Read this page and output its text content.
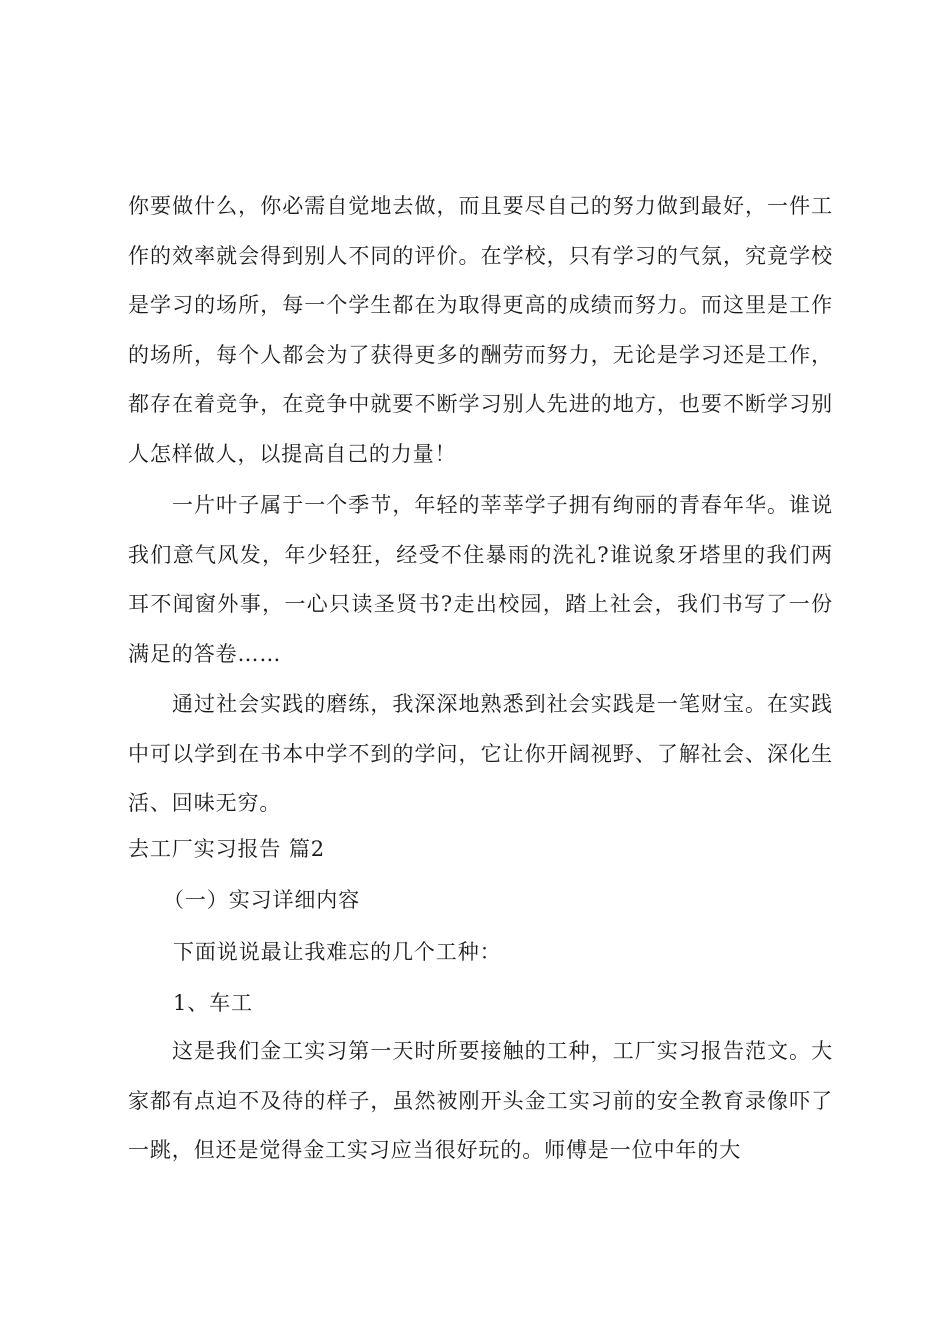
你要做什么，你必需自觉地去做，而且要尽自己的努力做到最好，一件工作的效率就会得到别人不同的评价。在学校，只有学习的气氛，究竟学校是学习的场所，每一个学生都在为取得更高的成绩而努力。而这里是工作的场所，每个人都会为了获得更多的酬劳而努力，无论是学习还是工作，都存在着竞争，在竞争中就要不断学习别人先进的地方，也要不断学习别人怎样做人，以提高自己的力量！

一片叶子属于一个季节，年轻的莘莘学子拥有绚丽的青春年华。谁说我们意气风发，年少轻狂，经受不住暴雨的洗礼?谁说象牙塔里的我们两耳不闻窗外事，一心只读圣贤书?走出校园，踏上社会，我们书写了一份满足的答卷……

通过社会实践的磨练，我深深地熟悉到社会实践是一笔财宝。在实践中可以学到在书本中学不到的学问，它让你开阔视野、了解社会、深化生活、回味无穷。

去工厂实习报告 篇2
（一）实习详细内容
下面说说最让我难忘的几个工种：
1、车工

这是我们金工实习第一天时所要接触的工种，工厂实习报告范文。大家都有点迫不及待的样子，虽然被刚开头金工实习前的安全教育录像吓了一跳，但还是觉得金工实习应当很好玩的。师傅是一位中年的大
